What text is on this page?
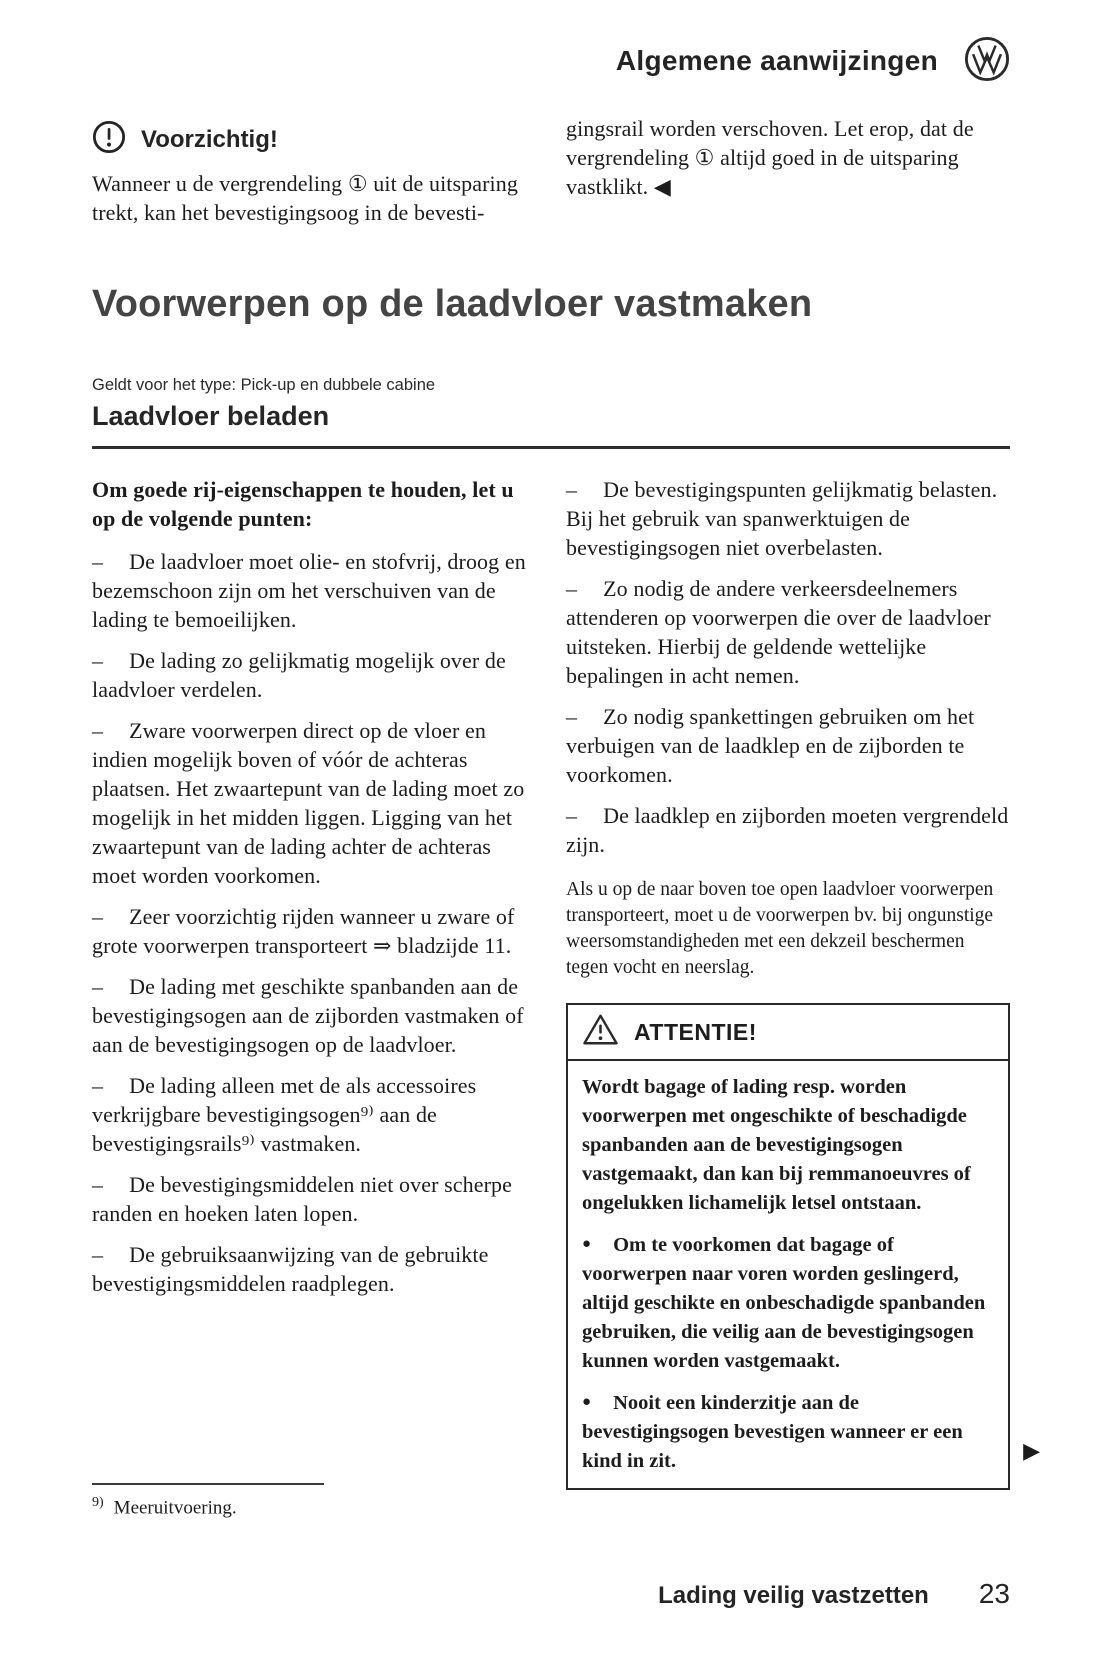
Algemene aanwijzingen
Voorzichtig!

Wanneer u de vergrendeling ① uit de uitsparing trekt, kan het bevestigingsoog in de bevesti-

gingsrail worden verschoven. Let erop, dat de vergrendeling ① altijd goed in de uitsparing vastklikt. ◀

Voorwerpen op de laadvloer vastmaken
Geldt voor het type: Pick-up en dubbele cabine
Laadvloer beladen

Om goede rij-eigenschappen te houden, let u op de volgende punten:

– De laadvloer moet olie- en stofvrij, droog en bezemschoon zijn om het verschuiven van de lading te bemoeilijken.

– De lading zo gelijkmatig mogelijk over de laadvloer verdelen.

– Zware voorwerpen direct op de vloer en indien mogelijk boven of vóór de achteras plaatsen. Het zwaartepunt van de lading moet zo mogelijk in het midden liggen. Ligging van het zwaartepunt van de lading achter de achteras moet worden voorkomen.

– Zeer voorzichtig rijden wanneer u zware of grote voorwerpen transporteert ⇒ bladzijde 11.

– De lading met geschikte spanbanden aan de bevestigingsogen aan de zijborden vastmaken of aan de bevestigingsogen op de laadvloer.

– De lading alleen met de als accessoires verkrijgbare bevestigingsogen⁹⁾ aan de bevestigingsrails⁹⁾ vastmaken.

– De bevestigingsmiddelen niet over scherpe randen en hoeken laten lopen.

– De gebruiksaanwijzing van de gebruikte bevestigingsmiddelen raadplegen.

– De bevestigingspunten gelijkmatig belasten. Bij het gebruik van spanwerktuigen de bevestigingsogen niet overbelasten.

– Zo nodig de andere verkeersdeelnemers attenderen op voorwerpen die over de laadvloer uitsteken. Hierbij de geldende wettelijke bepalingen in acht nemen.

– Zo nodig spankettingen gebruiken om het verbuigen van de laadklep en de zijborden te voorkomen.

– De laadklep en zijborden moeten vergrendeld zijn.

Als u op de naar boven toe open laadvloer voorwerpen transporteert, moet u de voorwerpen bv. bij ongunstige weersomstandigheden met een dekzeil beschermen tegen vocht en neerslag.

ATTENTIE!

Wordt bagage of lading resp. worden voorwerpen met ongeschikte of beschadigde spanbanden aan de bevestigingsogen vastgemaakt, dan kan bij remmanoeuvres of ongelukken lichamelijk letsel ontstaan.

● Om te voorkomen dat bagage of voorwerpen naar voren worden geslingerd, altijd geschikte en onbeschadigde spanbanden gebruiken, die veilig aan de bevestigingsogen kunnen worden vastgemaakt.

● Nooit een kinderzitje aan de bevestigingsogen bevestigen wanneer er een kind in zit.	▶

$^{9)}$ Meeruitvoering.

Lading veilig vastzetten 23
